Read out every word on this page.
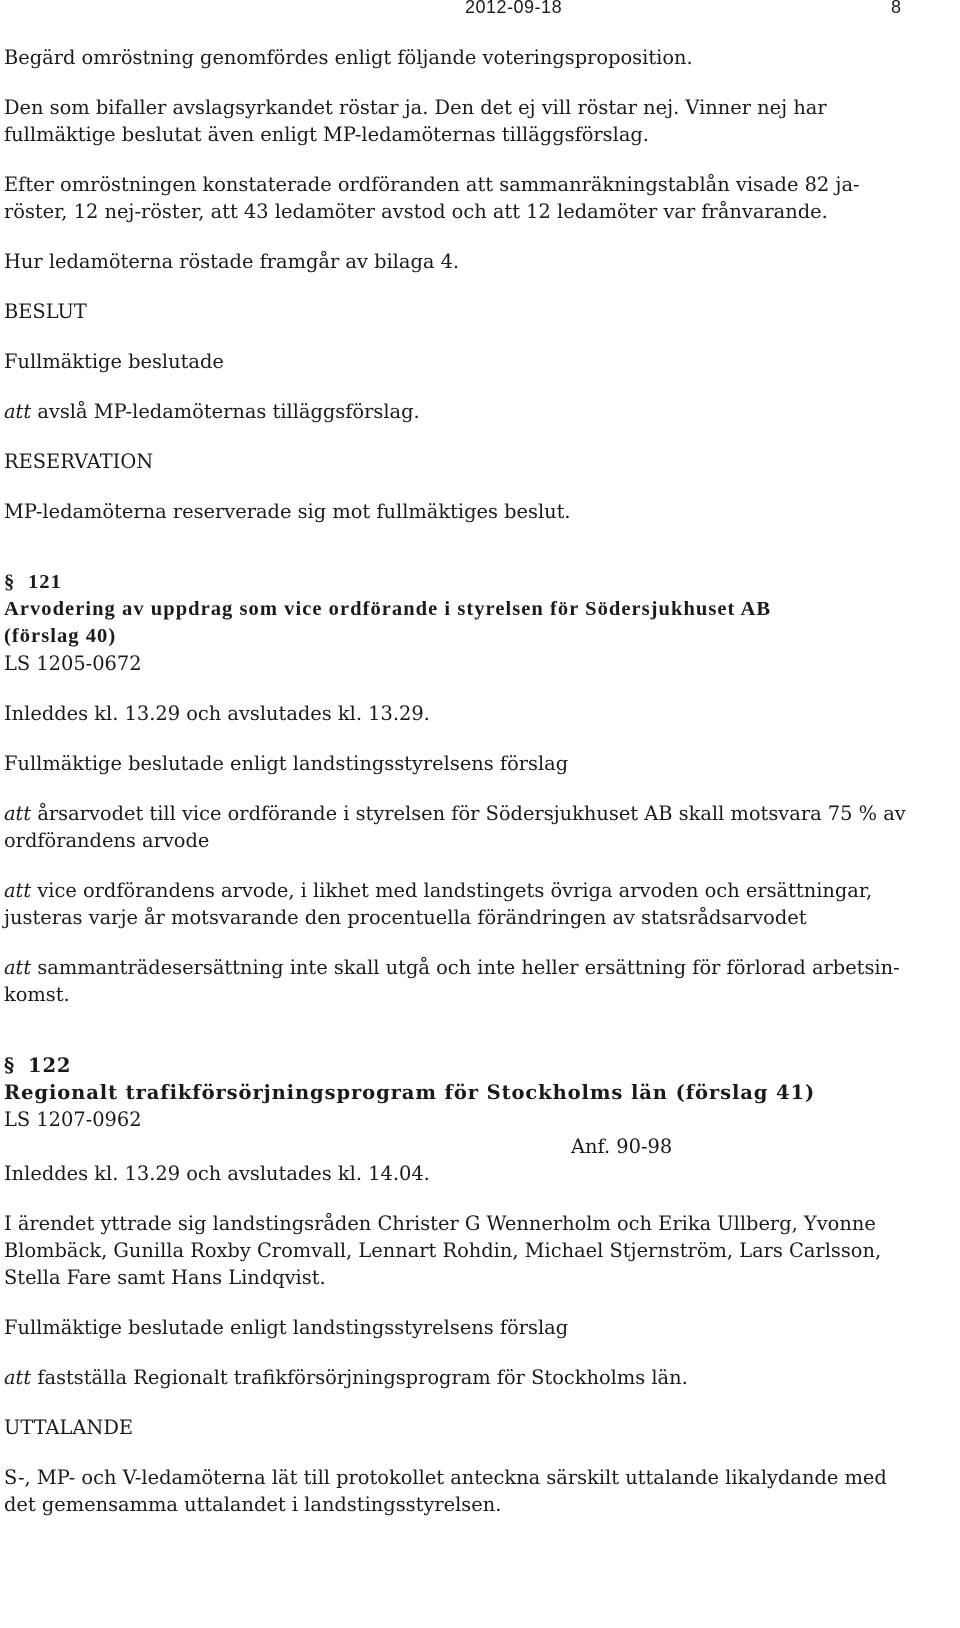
2012-09-18	8

Begärd omröstning genomfördes enligt följande voteringsproposition.

Den som bifaller avslagsyrkandet röstar ja. Den det ej vill röstar nej. Vinner nej har

fullmäktige beslutat även enligt MP-ledamöternas tilläggsförslag.

Efter omröstningen konstaterade ordföranden att sammanräkningstablån visade 82 ja-

röster, 12 nej-röster, att 43 ledamöter avstod och att 12 ledamöter var frånvarande.

Hur ledamöterna röstade framgår av bilaga 4.

BESLUT

Fullmäktige beslutade

att avslå MP-ledamöternas tilläggsförslag.

RESERVATION

MP-ledamöterna reserverade sig mot fullmäktiges beslut.

§ 121

Arvodering av uppdrag som vice ordförande i styrelsen för Södersjukhuset AB

(förslag 40)

LS 1205-0672

Inleddes kl. 13.29 och avslutades kl. 13.29.

Fullmäktige beslutade enligt landstingsstyrelsens förslag

att årsarvodet till vice ordförande i styrelsen för Södersjukhuset AB skall motsvara 75 % av

ordförandens arvode

att vice ordförandens arvode, i likhet med landstingets övriga arvoden och ersättningar,

justeras varje år motsvarande den procentuella förändringen av statsrådsarvodet

att sammanträdesersättning inte skall utgå och inte heller ersättning för förlorad arbetsin-

komst.

§ 122

Regionalt trafikförsörjningsprogram för Stockholms län (förslag 41)

LS 1207-0962

Anf. 90-98

Inleddes kl. 13.29 och avslutades kl. 14.04.

I ärendet yttrade sig landstingsråden Christer G Wennerholm och Erika Ullberg, Yvonne

Blombäck, Gunilla Roxby Cromvall, Lennart Rohdin, Michael Stjernström, Lars Carlsson,

Stella Fare samt Hans Lindqvist.

Fullmäktige beslutade enligt landstingsstyrelsens förslag

att fastställa Regionalt trafikförsörjningsprogram för Stockholms län.

UTTALANDE

S-, MP- och V-ledamöterna lät till protokollet anteckna särskilt uttalande likalydande med

det gemensamma uttalandet i landstingsstyrelsen.
